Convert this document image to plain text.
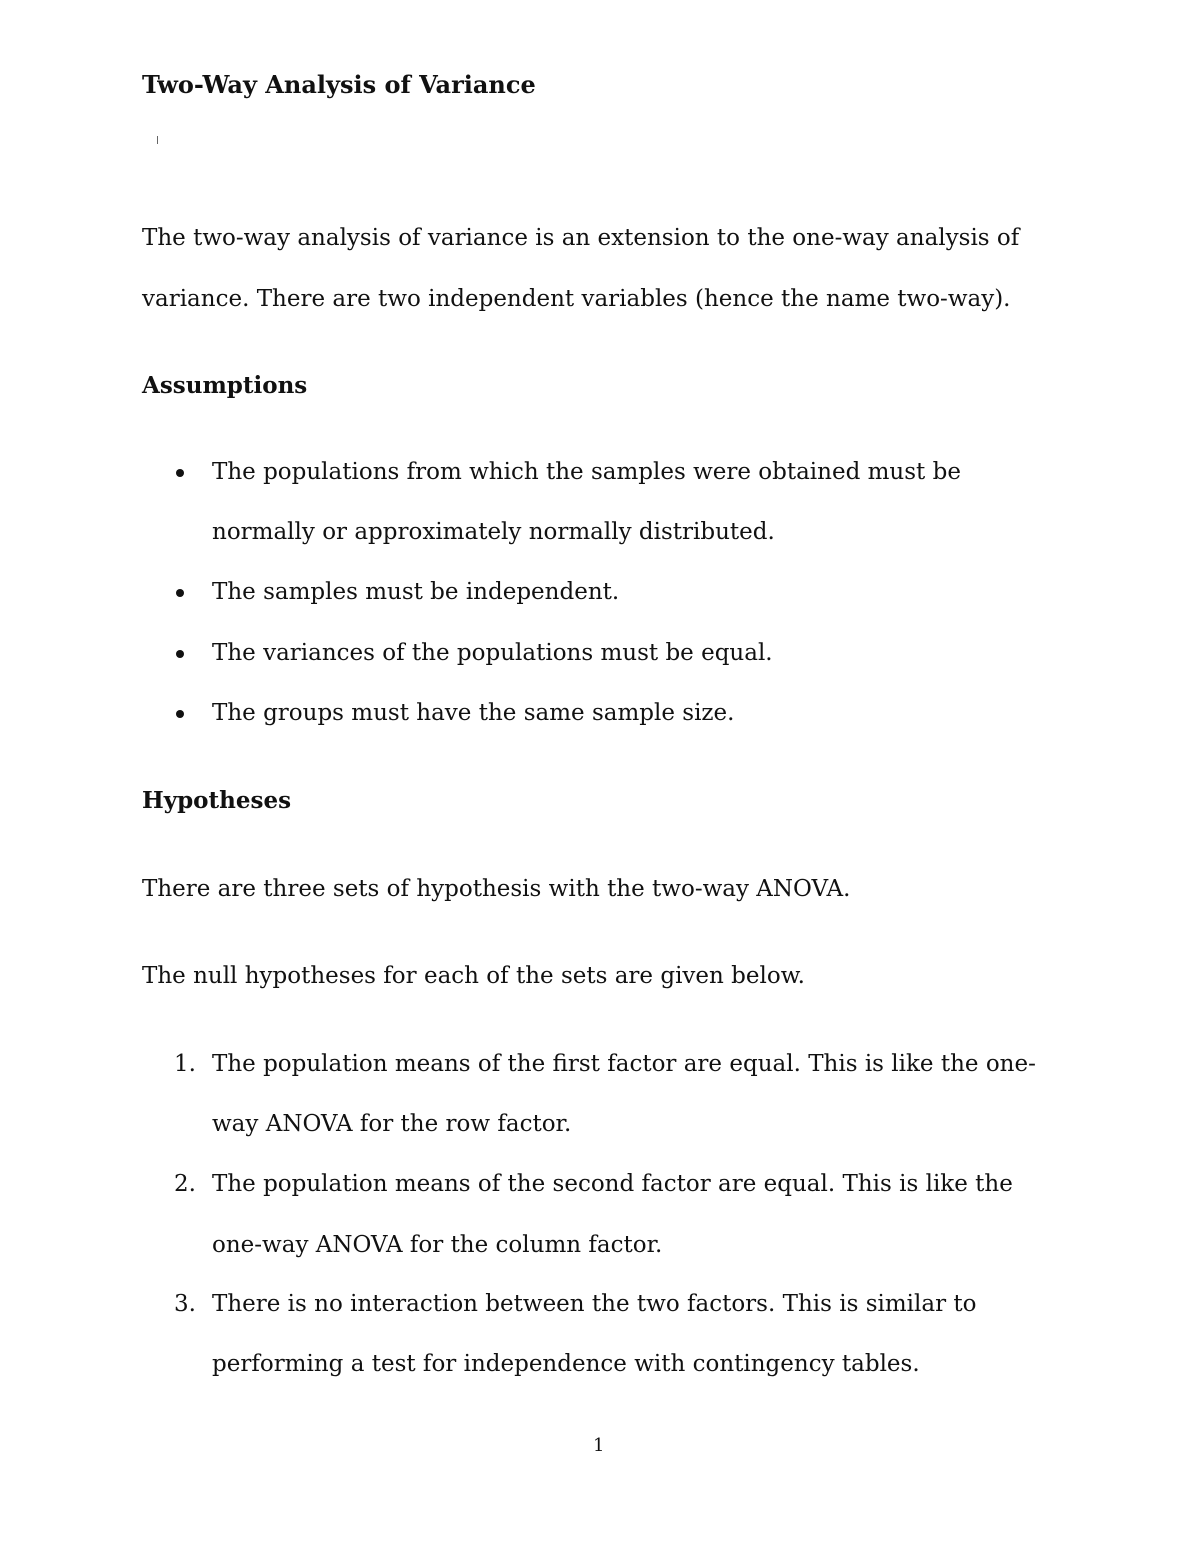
Two-Way Analysis of Variance
The two-way analysis of variance is an extension to the one-way analysis of
variance. There are two independent variables (hence the name two-way).
Assumptions
The populations from which the samples were obtained must be
normally or approximately normally distributed.
The samples must be independent.
The variances of the populations must be equal.
The groups must have the same sample size.
Hypotheses
There are three sets of hypothesis with the two-way ANOVA.
The null hypotheses for each of the sets are given below.
1. The population means of the first factor are equal. This is like the one-
way ANOVA for the row factor.
2. The population means of the second factor are equal. This is like the
one-way ANOVA for the column factor.
3. There is no interaction between the two factors. This is similar to
performing a test for independence with contingency tables.
1
